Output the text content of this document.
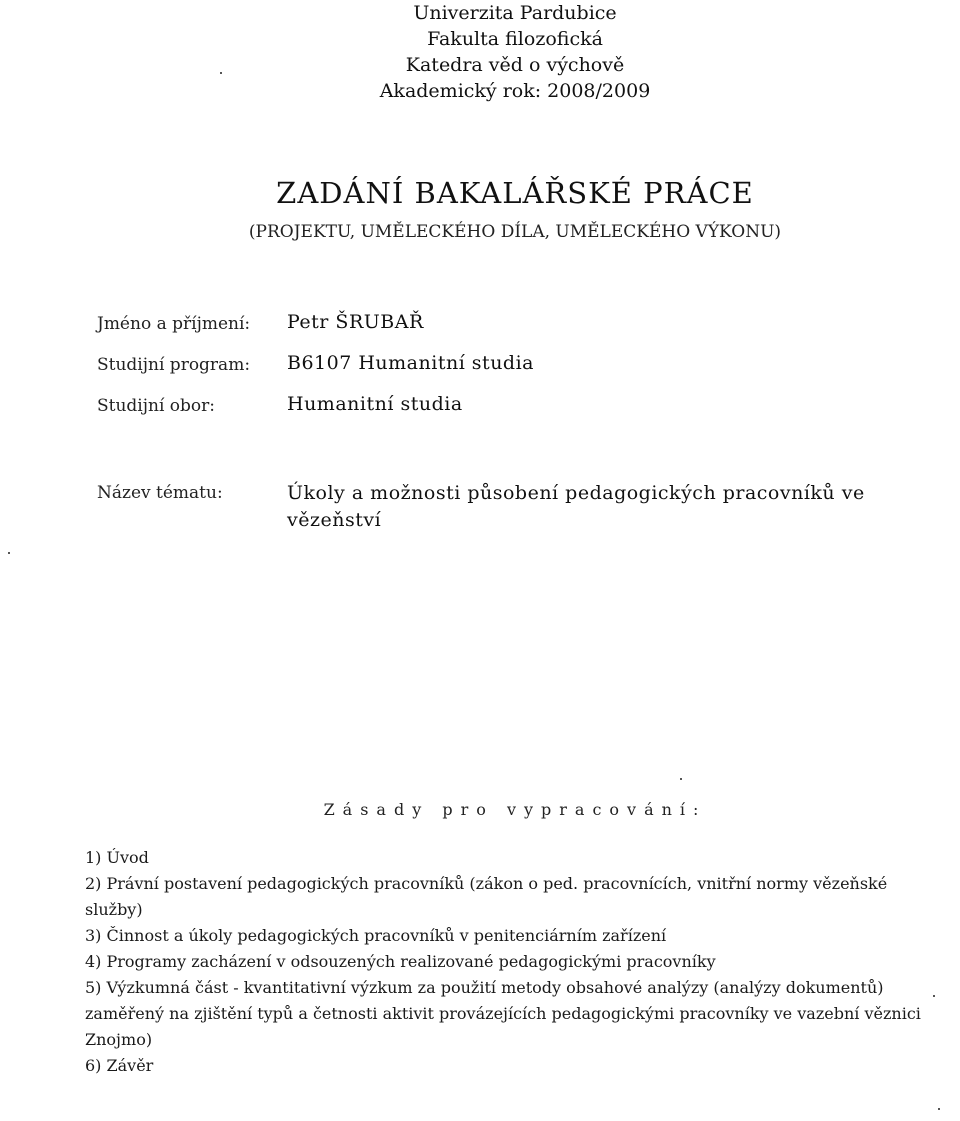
Univerzita Pardubice
Fakulta filozofická
Katedra věd o výchově
Akademický rok: 2008/2009
ZADÁNÍ BAKALÁŘSKÉ PRÁCE
(PROJEKTU, UMĚLECKÉHO DÍLA, UMĚLECKÉHO VÝKONU)
Jméno a příjmení: Petr ŠRUBAŘ
Studijní program: B6107 Humanitní studia
Studijní obor:	Humanitní studia
Název tématu:	Úkoly a možnosti působení pedagogických pracovníků ve vězeňství
Zásady pro vypracování:
1) Úvod
2) Právní postavení pedagogických pracovníků (zákon o ped. pracovnících, vnitřní normy vězeňské služby)
3) Činnost a úkoly pedagogických pracovníků v penitenciárním zařízení
4) Programy zacházení v odsouzených realizované pedagogickými pracovníky
5) Výzkumná část - kvantitativní výzkum za použití metody obsahové analýzy (analýzy dokumentů) zaměřený na zjištění typů a četnosti aktivit provázejících pedagogickými pracovníky ve vazební věznici Znojmo)
6) Závěr
